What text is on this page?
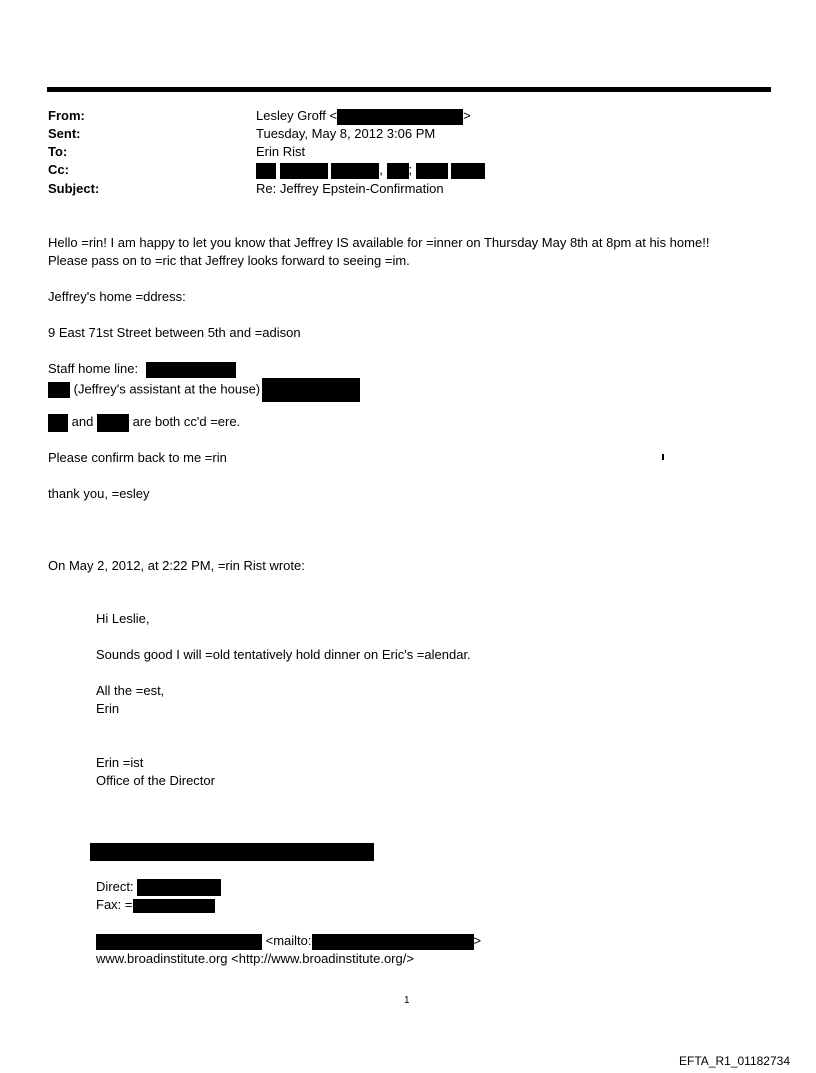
From:	Lesley Groff <	>
Sent:	Tuesday, May 8, 2012 3:06 PM
To:	Erin Rist
Cc:	, ;
Subject:	Re: Jeffrey Epstein-Confirmation
Hello =rin! I am happy to let you know that Jeffrey IS available for =inner on Thursday May 8th at 8pm at his home!!
Please pass on to =ric that Jeffrey looks forward to seeing =im.
Jeffrey's home =ddress:
9 East 71st Street between 5th and =adison
Staff home line:
(Jeffrey's assistant at the house)
and	are both cc'd =ere.
Please confirm back to me =rin
thank you, =esley
On May 2, 2012, at 2:22 PM, =rin Rist wrote:
Hi Leslie,
Sounds good I will =old tentatively hold dinner on Eric's =alendar.
All the =est,
Erin
Erin =ist
Office of the Director
Direct:
Fax: =
<mailto:	>
www.broadinstitute.org <http://www.broadinstitute.org/>
1
EFTA_R1_01182734
